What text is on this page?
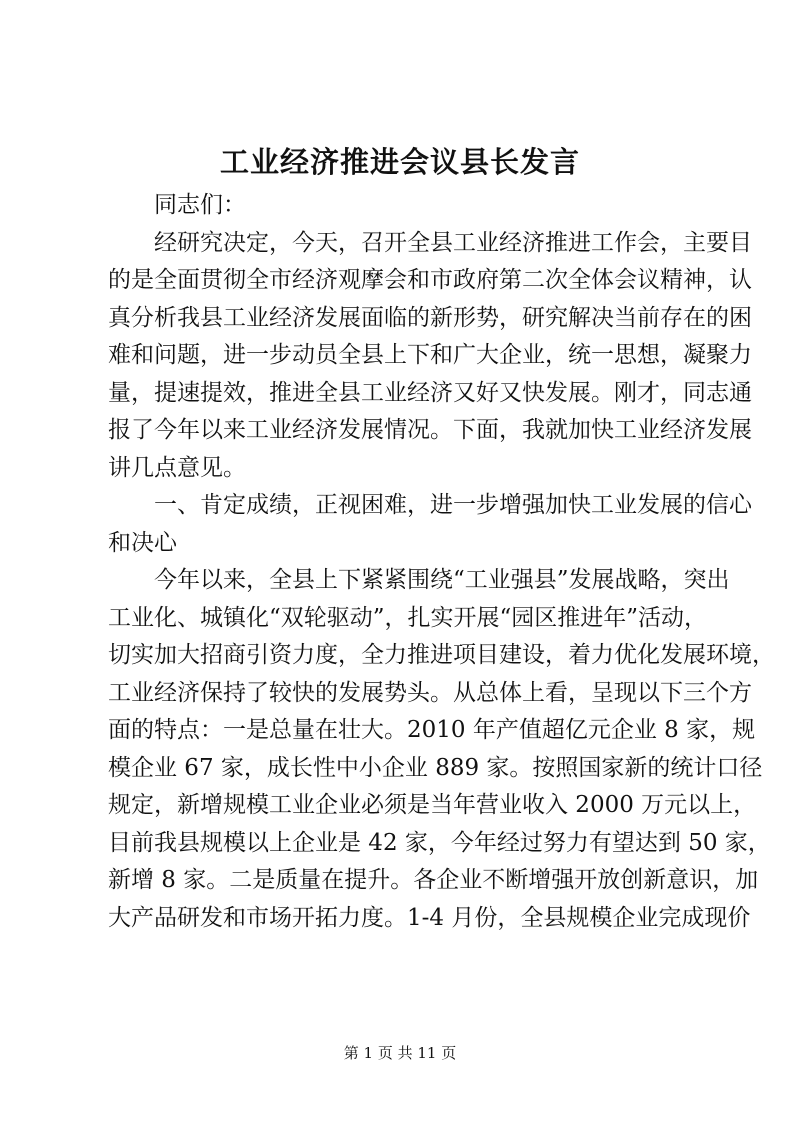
工业经济推进会议县长发言

同志们：

经研究决定，今天，召开全县工业经济推进工作会，主要目
的是全面贯彻全市经济观摩会和市政府第二次全体会议精神，认
真分析我县工业经济发展面临的新形势，研究解决当前存在的困
难和问题，进一步动员全县上下和广大企业，统一思想，凝聚力
量，提速提效，推进全县工业经济又好又快发展。刚才，同志通
报了今年以来工业经济发展情况。下面，我就加快工业经济发展
讲几点意见。

一、肯定成绩，正视困难，进一步增强加快工业发展的信心
和决心

今年以来，全县上下紧紧围绕“工业强县”发展战略，突出
工业化、城镇化“双轮驱动”，扎实开展“园区推进年”活动，
切实加大招商引资力度，全力推进项目建设，着力优化发展环境，
工业经济保持了较快的发展势头。从总体上看，呈现以下三个方
面的特点：一是总量在壮大。2010 年产值超亿元企业 8 家，规
模企业 67 家，成长性中小企业 889 家。按照国家新的统计口径
规定，新增规模工业企业必须是当年营业收入 2000 万元以上，
目前我县规模以上企业是 42 家，今年经过努力有望达到 50 家，
新增 8 家。二是质量在提升。各企业不断增强开放创新意识，加
大产品研发和市场开拓力度。1-4 月份，全县规模企业完成现价

第 1 页 共 11 页
